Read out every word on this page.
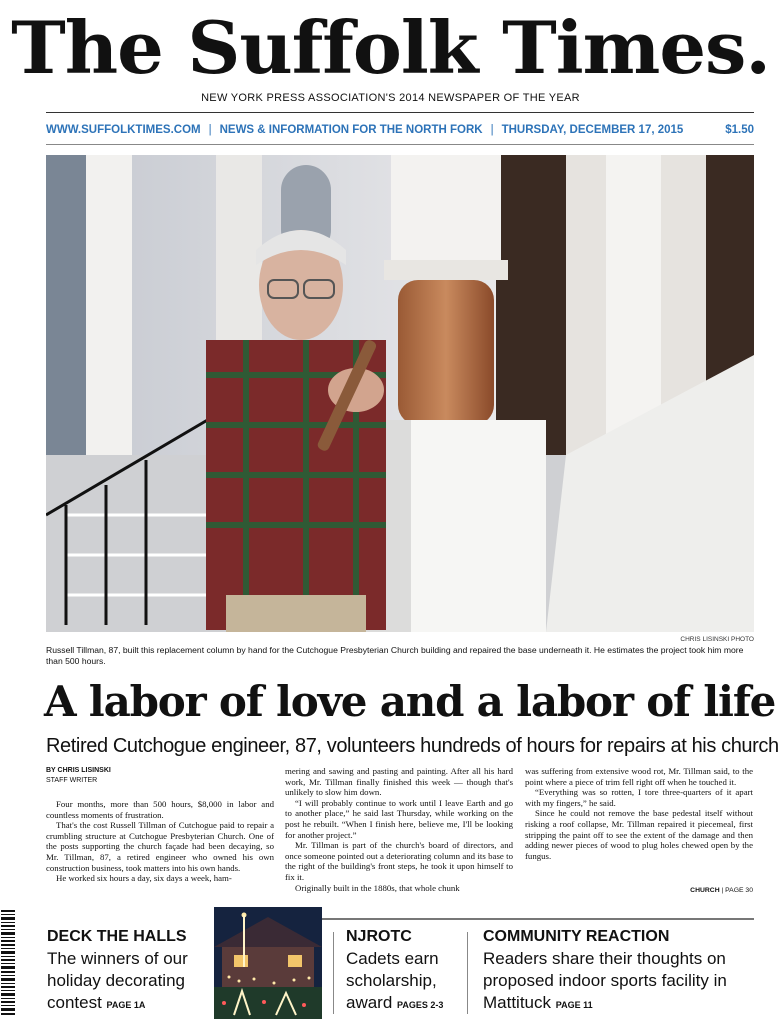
The Suffolk Times.
NEW YORK PRESS ASSOCIATION'S 2014 NEWSPAPER OF THE YEAR
WWW.SUFFOLKTIMES.COM | NEWS & INFORMATION FOR THE NORTH FORK | THURSDAY, DECEMBER 17, 2015	$1.50
CHRIS LISINSKI PHOTO
Russell Tillman, 87, built this replacement column by hand for the Cutchogue Presbyterian Church building and repaired the base underneath it. He estimates the project took him more than 500 hours.
A labor of love and a labor of life
Retired Cutchogue engineer, 87, volunteers hundreds of hours for repairs at his church
BY CHRIS LISINSKI
STAFF WRITER

Four months, more than 500 hours, $8,000 in labor and countless moments of frustration.

That's the cost Russell Tillman of Cutchogue paid to repair a crumbling structure at Cutchogue Presbyterian Church. One of the posts supporting the church façade had been decaying, so Mr. Tillman, 87, a retired engineer who owned his own construction business, took matters into his own hands.

He worked six hours a day, six days a week, ham-

mering and sawing and pasting and painting. After all his hard work, Mr. Tillman finally finished this week — though that's unlikely to slow him down.

“I will probably continue to work until I leave Earth and go to another place,” he said last Thursday, while working on the post he rebuilt. “When I finish here, believe me, I'll be looking for another project.”

Mr. Tillman is part of the church's board of directors, and once someone pointed out a deteriorating column and its base to the right of the building's front steps, he took it upon himself to fix it.

Originally built in the 1880s, that whole chunk

was suffering from extensive wood rot, Mr. Tillman said, to the point where a piece of trim fell right off when he touched it.

“Everything was so rotten, I tore three-quarters of it apart with my fingers,” he said.

Since he could not remove the base pedestal itself without risking a roof collapse, Mr. Tillman repaired it piecemeal, first stripping the paint off to see the extent of the damage and then adding newer pieces of wood to plug holes chewed open by the fungus.

CHURCH | PAGE 30
DECK THE HALLS
The winners of our holiday decorating contest PAGE 1A
NJROTC
Cadets earn scholarship, award PAGES 2-3
COMMUNITY REACTION
Readers share their thoughts on proposed indoor sports facility in Mattituck PAGE 11
